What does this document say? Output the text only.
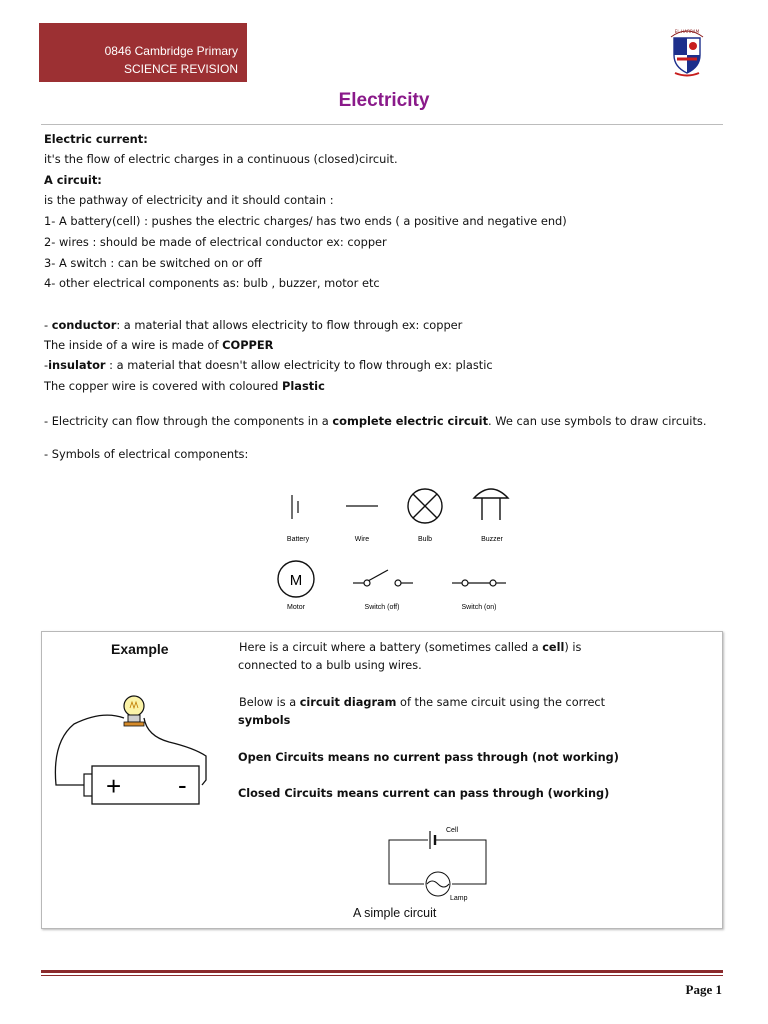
0846 Cambridge Primary
SCIENCE REVISION
EL-HARRAM
Electricity
Electric current:
it's the flow of electric charges in a continuous (closed)circuit.
A circuit:
is the pathway of electricity and it should contain :
1- A battery(cell) : pushes the electric charges/ has two ends ( a positive and negative end)
2- wires : should be made of electrical conductor ex: copper
3- A switch : can be switched on or off
4- other electrical components as: bulb , buzzer, motor etc
- conductor: a material that allows electricity to flow through ex: copper
The inside of a wire is made of COPPER
-insulator : a material that doesn't allow electricity to flow through ex: plastic
The copper wire is covered with coloured Plastic
- Electricity can flow through the components in a complete electric circuit. We can use symbols to draw circuits.
- Symbols of electrical components:
Battery	Wire	Bulb	Buzzer
M
Motor	Switch (off)	Switch (on)
Example	Here is a circuit where a battery (sometimes called a cell) is
connected to a bulb using wires.
Below is a circuit diagram of the same circuit using the correct
symbols
Open Circuits means no current pass through (not working)
Closed Circuits means current can pass through (working)
+ -
Cell
Lamp
A simple circuit
Page 1
